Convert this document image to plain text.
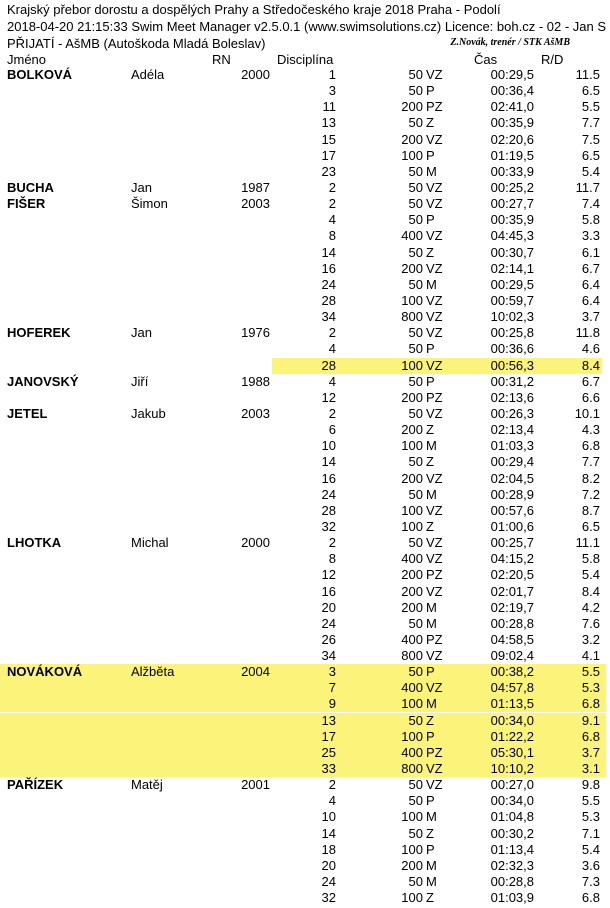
Krajský přebor dorostu a dospělých Prahy a Středočeského kraje 2018 Praha - Podolí
2018-04-20 21:15:33 Swim Meet Manager v2.5.0.1 (www.swimsolutions.cz) Licence: boh.cz - 02 - Jan S
PŘIJATÍ - AšMB (Autoškoda Mladá Boleslav)	Z.Novák, trenér / STK AšMB
Jméno	RN	Disciplína	Čas	R/D
BOLKOVÁ	Adéla	2000	1	50 VZ	00:29,5	11.5
3	50 P	00:36,4	6.5
11	200 PZ	02:41,0	5.5
13	50 Z	00:35,9	7.7
15	200 VZ	02:20,6	7.5
17	100 P	01:19,5	6.5
23	50 M	00:33,9	5.4
BUCHA	Jan	1987	2	50 VZ	00:25,2	11.7
FIŠER	Šimon	2003	2	50 VZ	00:27,7	7.4
4	50 P	00:35,9	5.8
8	400 VZ	04:45,3	3.3
14	50 Z	00:30,7	6.1
16	200 VZ	02:14,1	6.7
24	50 M	00:29,5	6.4
28	100 VZ	00:59,7	6.4
34	800 VZ	10:02,3	3.7
HOFEREK	Jan	1976	2	50 VZ	00:25,8	11.8
4	50 P	00:36,6	4.6
28	100 VZ	00:56,3	8.4
JANOVSKÝ	Jiří	1988	4	50 P	00:31,2	6.7
12	200 PZ	02:13,6	6.6
JETEL	Jakub	2003	2	50 VZ	00:26,3	10.1
6	200 Z	02:13,4	4.3
10	100 M	01:03,3	6.8
14	50 Z	00:29,4	7.7
16	200 VZ	02:04,5	8.2
24	50 M	00:28,9	7.2
28	100 VZ	00:57,6	8.7
32	100 Z	01:00,6	6.5
LHOTKA	Michal	2000	2	50 VZ	00:25,7	11.1
8	400 VZ	04:15,2	5.8
12	200 PZ	02:20,5	5.4
16	200 VZ	02:01,7	8.4
20	200 M	02:19,7	4.2
24	50 M	00:28,8	7.6
26	400 PZ	04:58,5	3.2
34	800 VZ	09:02,4	4.1
NOVÁKOVÁ	Alžběta	2004	3	50 P	00:38,2	5.5
7	400 VZ	04:57,8	5.3
9	100 M	01:13,5	6.8
13	50 Z	00:34,0	9.1
17	100 P	01:22,2	6.8
25	400 PZ	05:30,1	3.7
33	800 VZ	10:10,2	3.1
PAŘÍZEK	Matěj	2001	2	50 VZ	00:27,0	9.8
4	50 P	00:34,0	5.5
10	100 M	01:04,8	5.3
14	50 Z	00:30,2	7.1
18	100 P	01:13,4	5.4
20	200 M	02:32,3	3.6
24	50 M	00:28,8	7.3
32	100 Z	01:03,9	6.8
